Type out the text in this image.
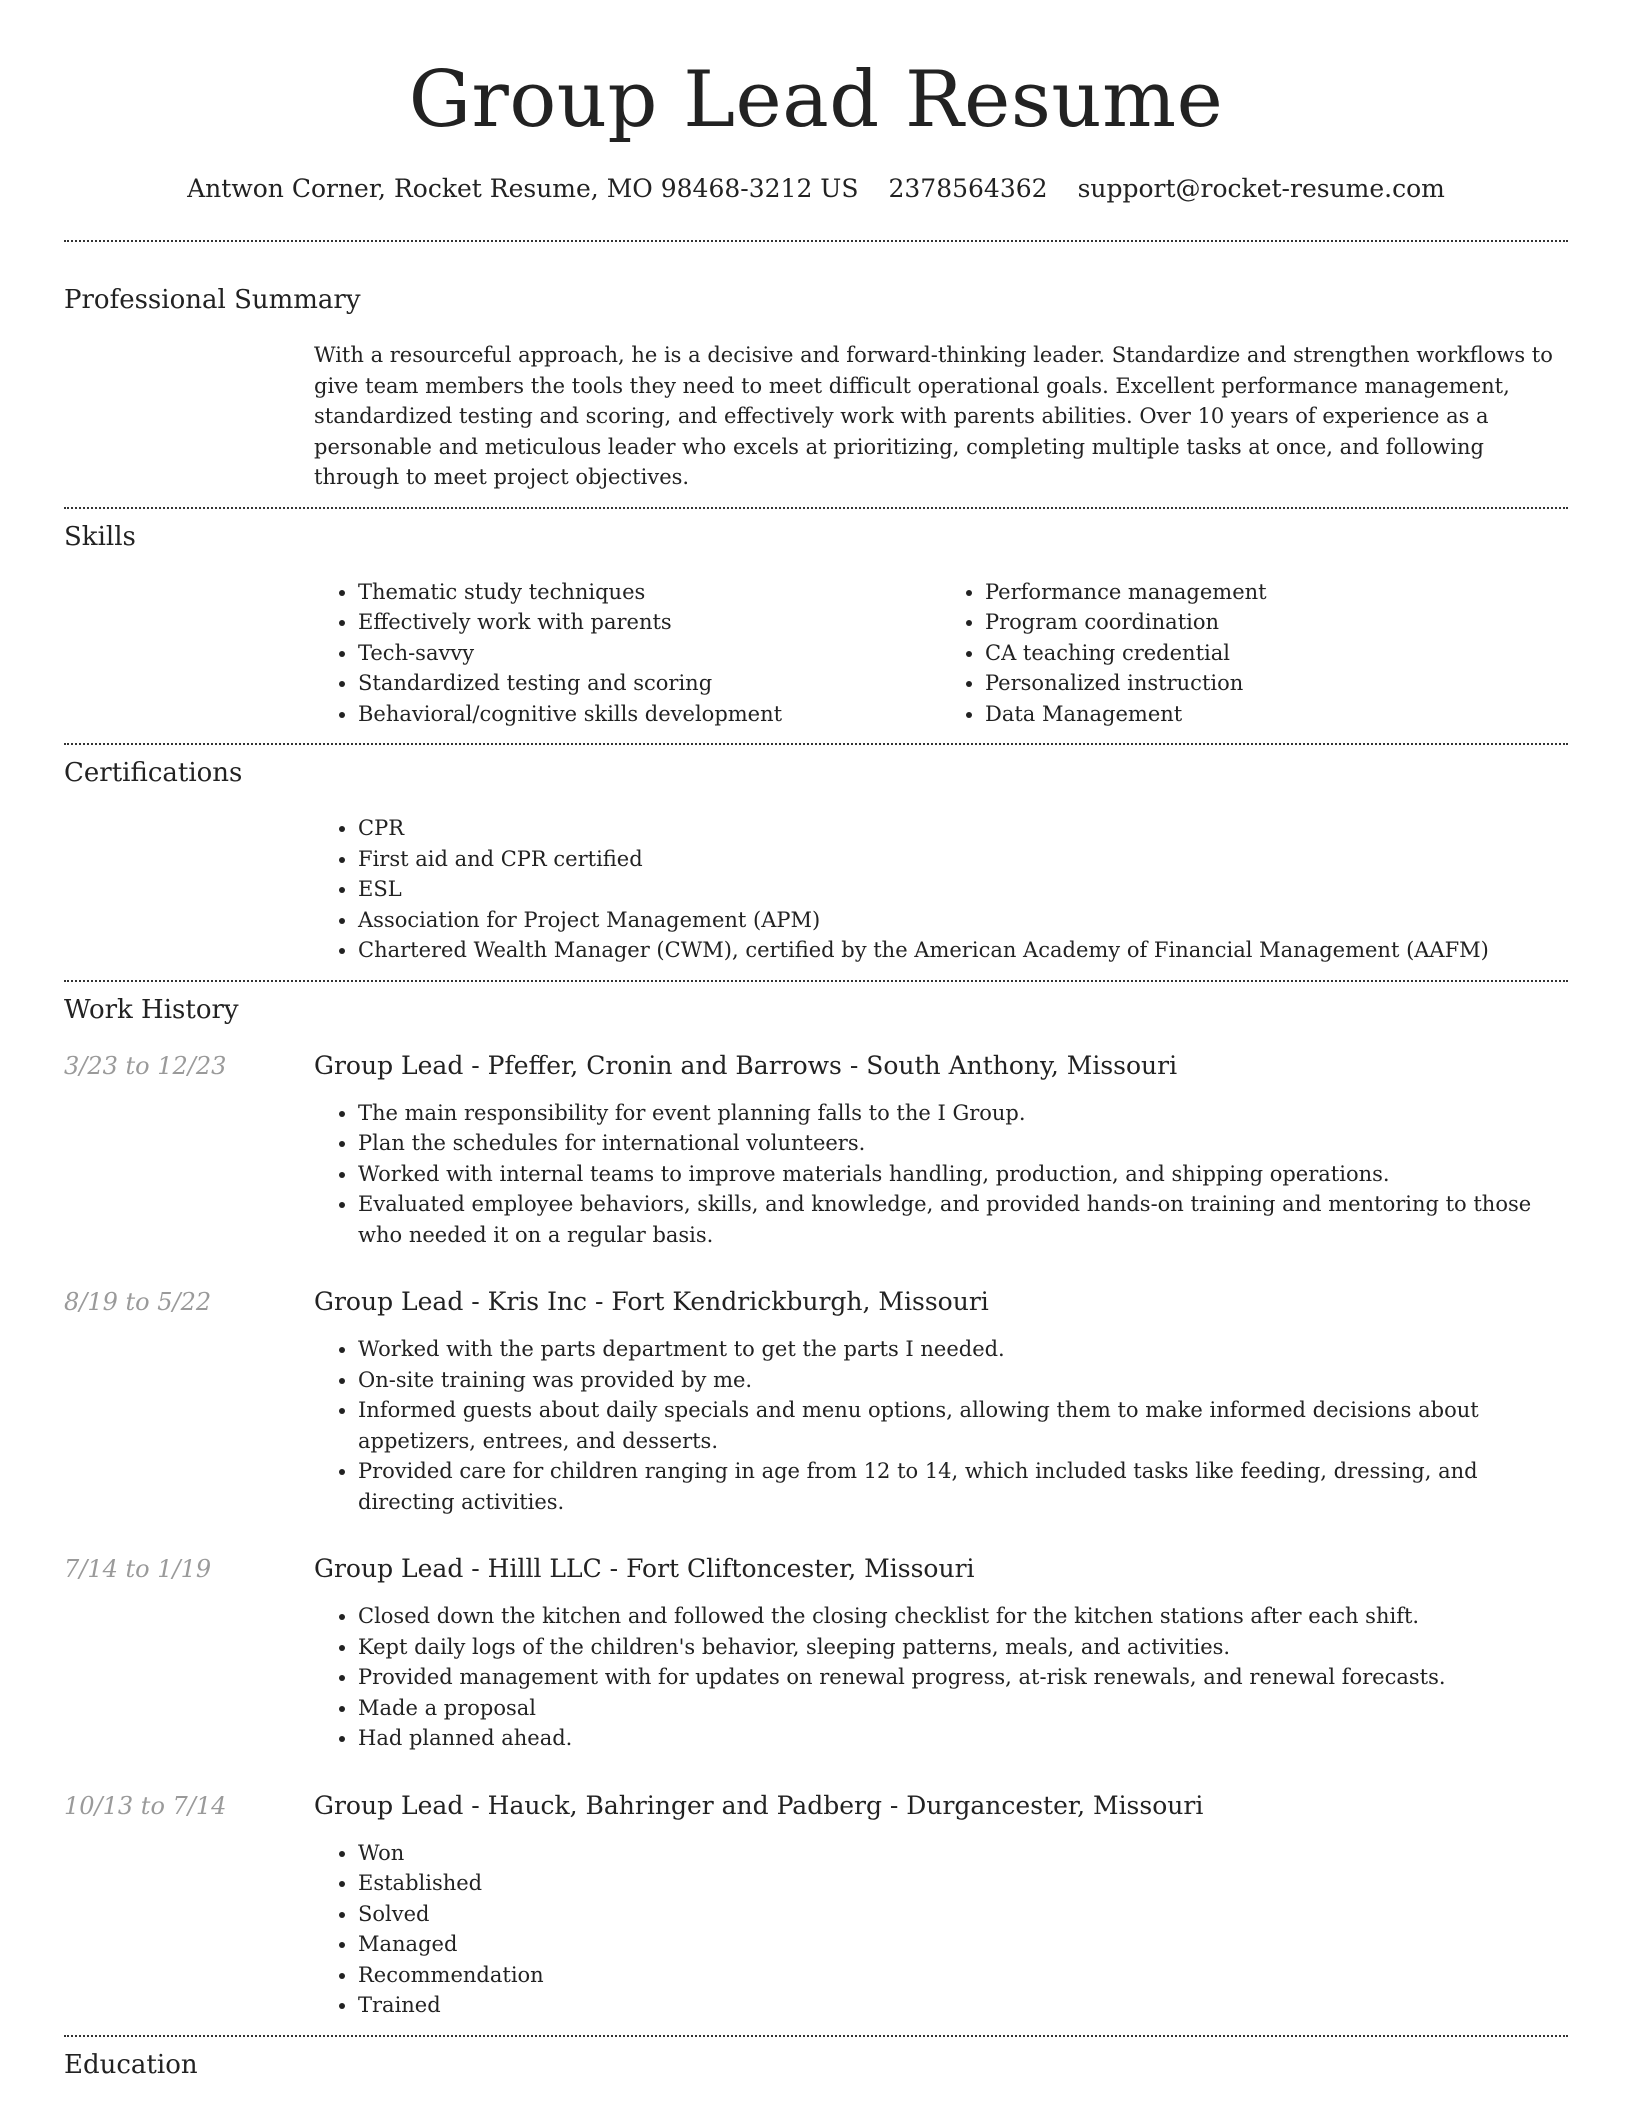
Group Lead Resume
Antwon Corner, Rocket Resume, MO 98468-3212 US 2378564362 support@rocket-resume.com
Professional Summary

With a resourceful approach, he is a decisive and forward-thinking leader. Standardize and strengthen workflows to give team members the tools they need to meet difficult operational goals. Excellent performance management, standardized testing and scoring, and effectively work with parents abilities. Over 10 years of experience as a personable and meticulous leader who excels at prioritizing, completing multiple tasks at once, and following through to meet project objectives.

Skills
• Thematic study techniques
• Effectively work with parents
• Tech-savvy
• Standardized testing and scoring
• Behavioral/cognitive skills development
• Performance management
• Program coordination
• CA teaching credential
• Personalized instruction
• Data Management
Certifications
• CPR
• First aid and CPR certified
• ESL
• Association for Project Management (APM)
• Chartered Wealth Manager (CWM), certified by the American Academy of Financial Management (AAFM)
Work History
3/23 to 12/23	Group Lead - Pfeffer, Cronin and Barrows - South Anthony, Missouri
• The main responsibility for event planning falls to the I Group.
• Plan the schedules for international volunteers.
• Worked with internal teams to improve materials handling, production, and shipping operations.
• Evaluated employee behaviors, skills, and knowledge, and provided hands-on training and mentoring to those who needed it on a regular basis.
8/19 to 5/22	Group Lead - Kris Inc - Fort Kendrickburgh, Missouri
• Worked with the parts department to get the parts I needed.
• On-site training was provided by me.
• Informed guests about daily specials and menu options, allowing them to make informed decisions about appetizers, entrees, and desserts.
• Provided care for children ranging in age from 12 to 14, which included tasks like feeding, dressing, and directing activities.
7/14 to 1/19	Group Lead - Hilll LLC - Fort Cliftoncester, Missouri
• Closed down the kitchen and followed the closing checklist for the kitchen stations after each shift.
• Kept daily logs of the children's behavior, sleeping patterns, meals, and activities.
• Provided management with for updates on renewal progress, at-risk renewals, and renewal forecasts.
• Made a proposal
• Had planned ahead.
10/13 to 7/14	Group Lead - Hauck, Bahringer and Padberg - Durgancester, Missouri
• Won
• Established
• Solved
• Managed
• Recommendation
• Trained
Education
